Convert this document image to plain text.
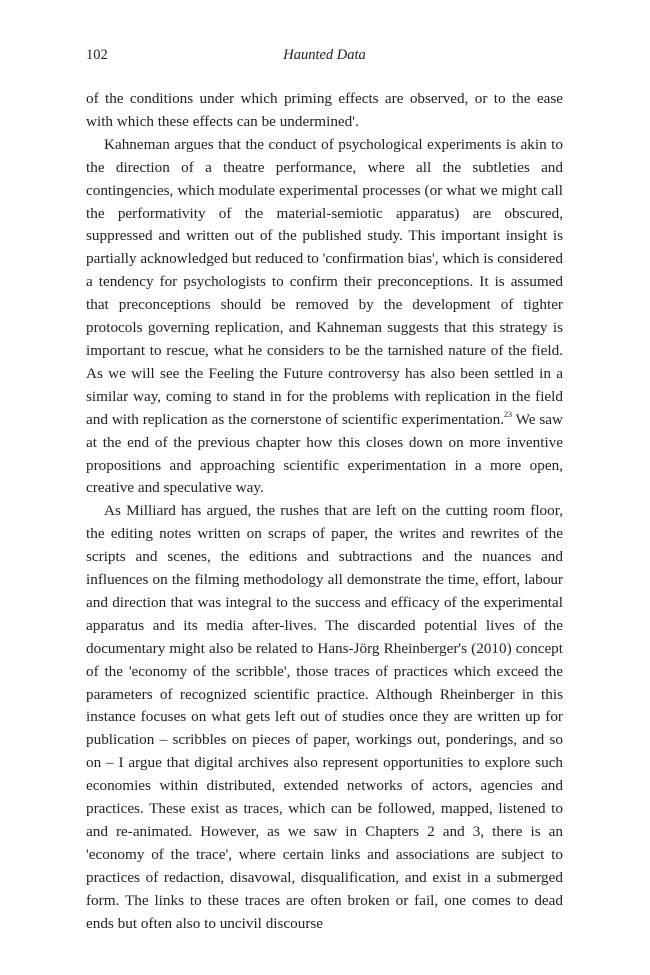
102	Haunted Data

of the conditions under which priming effects are observed, or to the ease with which these effects can be undermined'.

Kahneman argues that the conduct of psychological experiments is akin to the direction of a theatre performance, where all the subtleties and contingencies, which modulate experimental processes (or what we might call the performativity of the material-semiotic apparatus) are obscured, suppressed and written out of the published study. This important insight is partially acknowledged but reduced to 'confirmation bias', which is considered a tendency for psychologists to confirm their preconceptions. It is assumed that preconceptions should be removed by the development of tighter protocols governing replication, and Kahneman suggests that this strategy is important to rescue, what he considers to be the tarnished nature of the field. As we will see the Feeling the Future controversy has also been settled in a similar way, coming to stand in for the problems with replication in the field and with replication as the cornerstone of scientific experimentation.$^{23}$ We saw at the end of the previous chapter how this closes down on more inventive propositions and approaching scientific experimentation in a more open, creative and speculative way.

As Milliard has argued, the rushes that are left on the cutting room floor, the editing notes written on scraps of paper, the writes and rewrites of the scripts and scenes, the editions and subtractions and the nuances and influences on the filming methodology all demonstrate the time, effort, labour and direction that was integral to the success and efficacy of the experimental apparatus and its media after-lives. The discarded potential lives of the documentary might also be related to Hans-Jörg Rheinberger's (2010) concept of the 'economy of the scribble', those traces of practices which exceed the parameters of recognized scientific practice. Although Rheinberger in this instance focuses on what gets left out of studies once they are written up for publication – scribbles on pieces of paper, workings out, ponderings, and so on – I argue that digital archives also represent opportunities to explore such economies within distributed, extended networks of actors, agencies and practices. These exist as traces, which can be followed, mapped, listened to and re-animated. However, as we saw in Chapters 2 and 3, there is an 'economy of the trace', where certain links and associations are subject to practices of redaction, disavowal, disqualification, and exist in a submerged form. The links to these traces are often broken or fail, one comes to dead ends but often also to uncivil discourse
